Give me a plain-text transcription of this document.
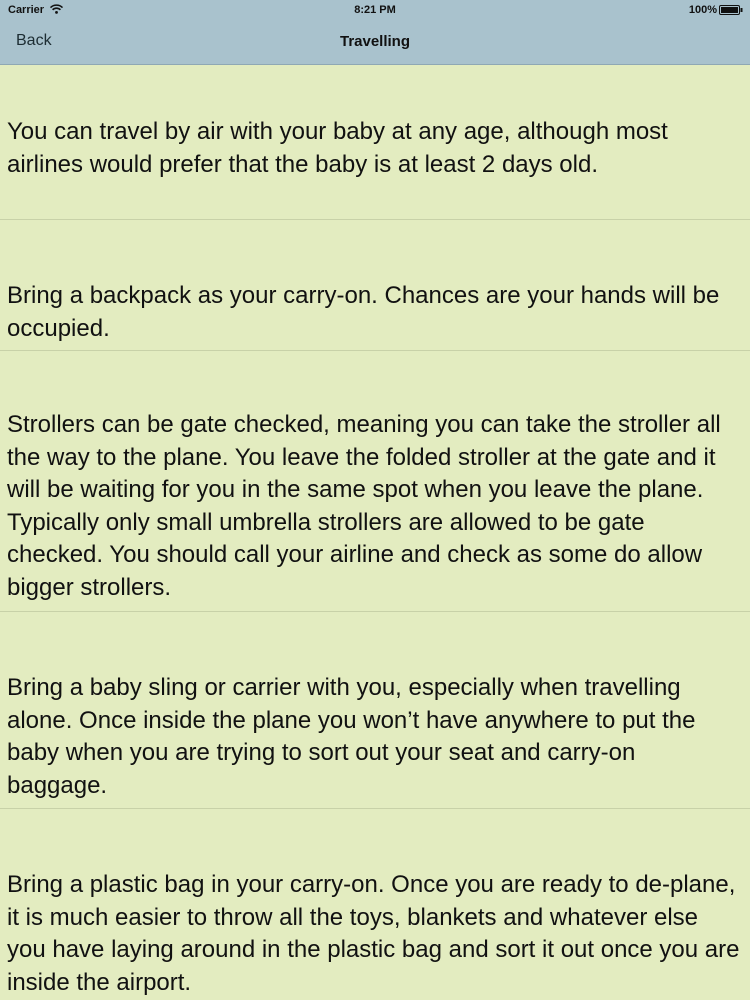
Carrier	8:21 PM	100%
Back	Travelling
You can travel by air with your baby at any age, although most airlines would prefer that the baby is at least 2 days old.
Bring a backpack as your carry-on. Chances are your hands will be occupied.
Strollers can be gate checked, meaning you can take the stroller all the way to the plane. You leave the folded stroller at the gate and it will be waiting for you in the same spot when you leave the plane. Typically only small umbrella strollers are allowed to be gate checked. You should call your airline and check as some do allow bigger strollers.
Bring a baby sling or carrier with you, especially when travelling alone. Once inside the plane you won’t have anywhere to put the baby when you are trying to sort out your seat and carry-on baggage.
Bring a plastic bag in your carry-on. Once you are ready to de-plane, it is much easier to throw all the toys, blankets and whatever else you have laying around in the plastic bag and sort it out once you are inside the airport.
